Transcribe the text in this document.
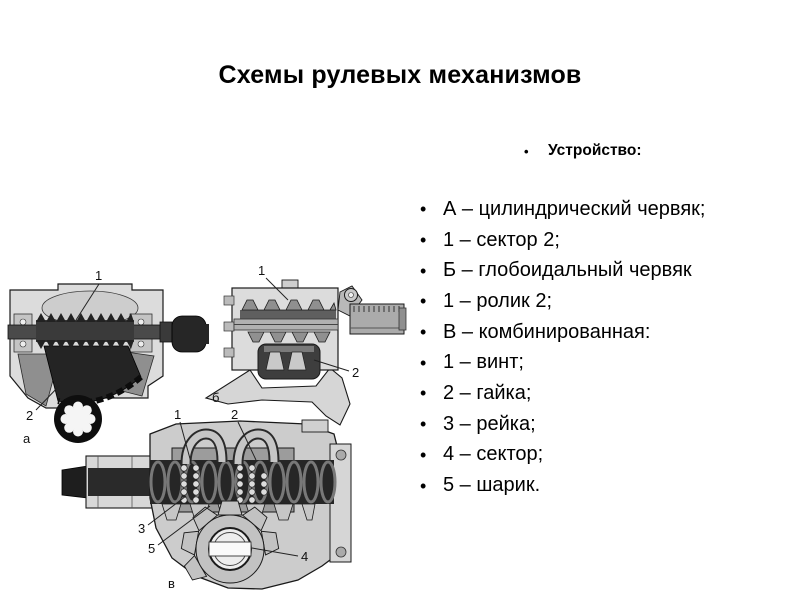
Схемы рулевых механизмов
•	Устройство:
• А – цилиндрический червяк;
• 1 – сектор 2;
• Б – глобоидальный червяк
• 1 – ролик 2;
• В – комбинированная:
• 1 – винт;
• 2 – гайка;
• 3 – рейка;
• 4 – сектор;
• 5 – шарик.
1
2
а
1
2
б
1	2
3
5
4
в
